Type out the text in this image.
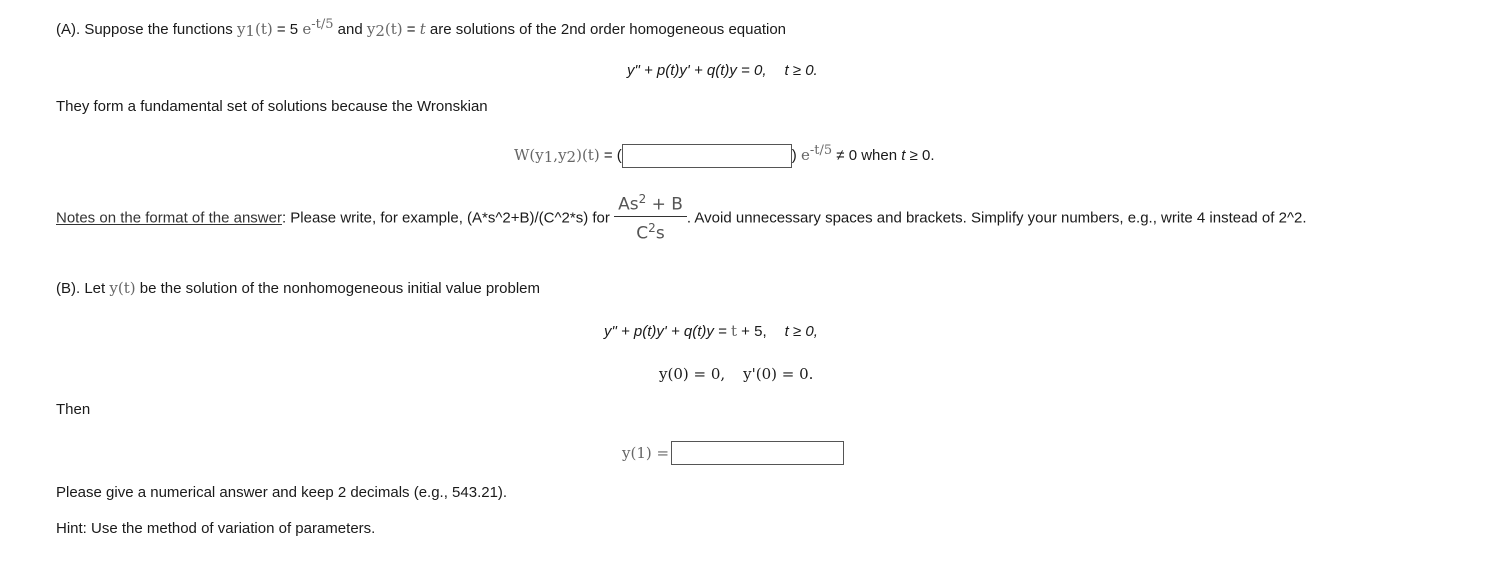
(A). Suppose the functions y1(t) = 5 e-t/5 and y2(t) = t are solutions of the 2nd order homogeneous equation
y" + p(t)y' + q(t)y = 0, t ≥ 0.
They form a fundamental set of solutions because the Wronskian
W(y1,y2)(t) = (	) e-t/5 ≠ 0 when t ≥ 0.
Notes on the format of the answer: Please write, for example, (A*s^2+B)/(C^2*s) for $\frac{As^2 + B}{C^2s}$ . Avoid unnecessary spaces and brackets. Simplify your numbers, e.g., write 4 instead of 2^2.
(B). Let y(t) be the solution of the nonhomogeneous initial value problem
y" + p(t)y' + q(t)y = t + 5, t ≥ 0,
y(0) = 0, y'(0) = 0.
Then
y(1) =
Please give a numerical answer and keep 2 decimals (e.g., 543.21).
Hint: Use the method of variation of parameters.
